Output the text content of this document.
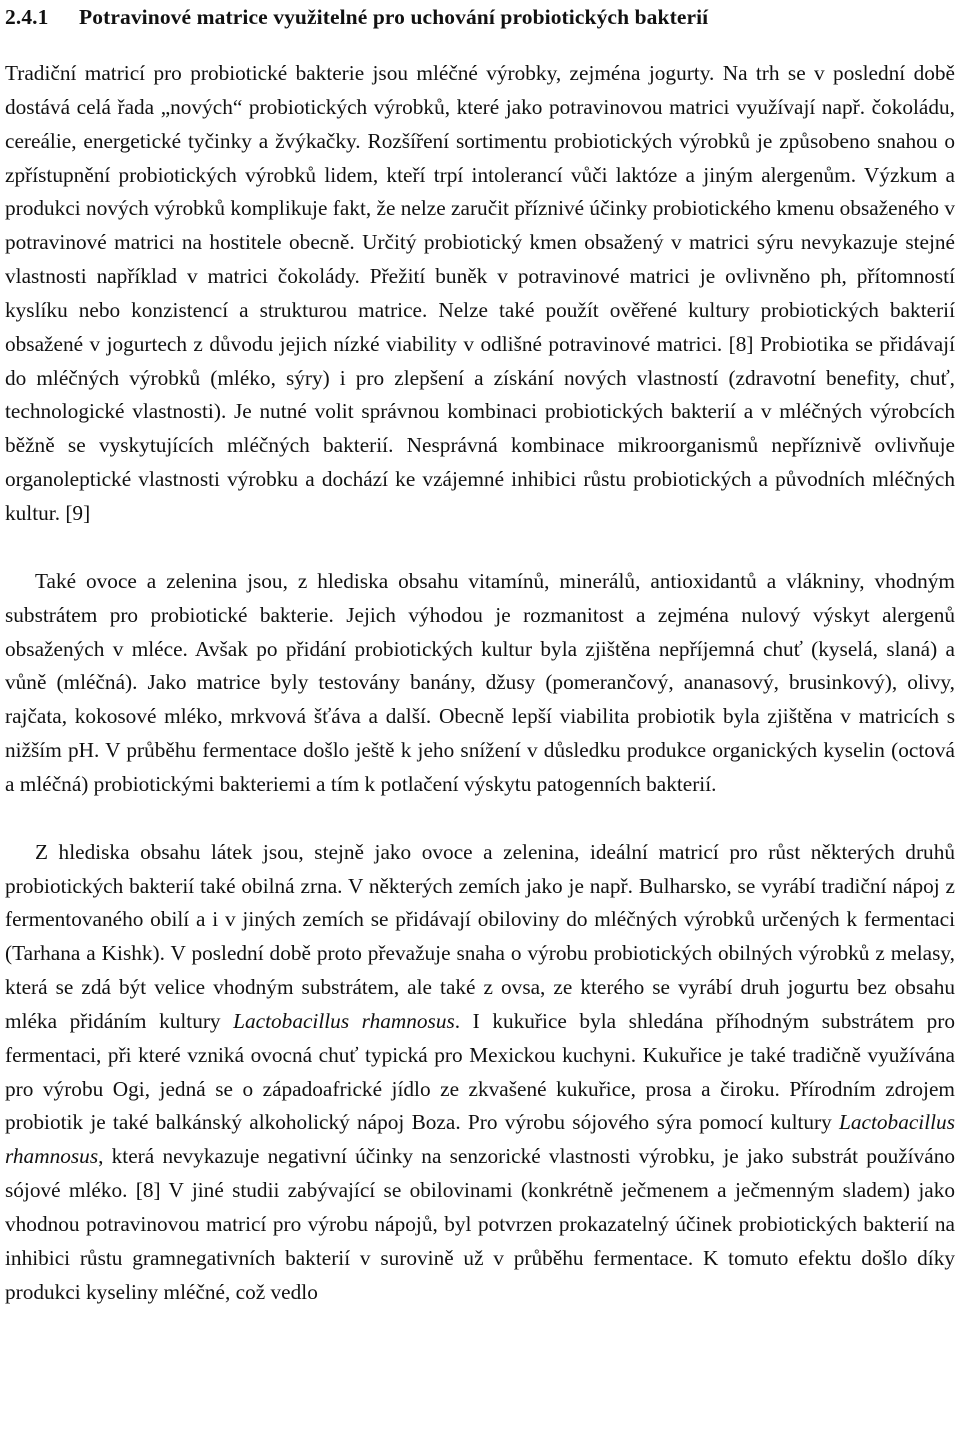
2.4.1 Potravinové matrice využitelné pro uchování probiotických bakterií

Tradiční matricí pro probiotické bakterie jsou mléčné výrobky, zejména jogurty. Na trh se v poslední době dostává celá řada „nových“ probiotických výrobků, které jako potravinovou matrici využívají např. čokoládu, cereálie, energetické tyčinky a žvýkačky. Rozšíření sortimentu probiotických výrobků je způsobeno snahou o zpřístupnění probiotických výrobků lidem, kteří trpí intolerancí vůči laktóze a jiným alergenům. Výzkum a produkci nových výrobků komplikuje fakt, že nelze zaručit příznivé účinky probiotického kmenu obsaženého v potravinové matrici na hostitele obecně. Určitý probiotický kmen obsažený v matrici sýru nevykazuje stejné vlastnosti například v matrici čokolády. Přežití buněk v potravinové matrici je ovlivněno ph, přítomností kyslíku nebo konzistencí a strukturou matrice. Nelze také použít ověřené kultury probiotických bakterií obsažené v jogurtech z důvodu jejich nízké viability v odlišné potravinové matrici. [8] Probiotika se přidávají do mléčných výrobků (mléko, sýry) i pro zlepšení a získání nových vlastností (zdravotní benefity, chuť, technologické vlastnosti). Je nutné volit správnou kombinaci probiotických bakterií a v mléčných výrobcích běžně se vyskytujících mléčných bakterií. Nesprávná kombinace mikroorganismů nepříznivě ovlivňuje organoleptické vlastnosti výrobku a dochází ke vzájemné inhibici růstu probiotických a původních mléčných kultur. [9]

Také ovoce a zelenina jsou, z hlediska obsahu vitamínů, minerálů, antioxidantů a vlákniny, vhodným substrátem pro probiotické bakterie. Jejich výhodou je rozmanitost a zejména nulový výskyt alergenů obsažených v mléce. Avšak po přidání probiotických kultur byla zjištěna nepříjemná chuť (kyselá, slaná) a vůně (mléčná). Jako matrice byly testovány banány, džusy (pomerančový, ananasový, brusinkový), olivy, rajčata, kokosové mléko, mrkvová šťáva a další. Obecně lepší viabilita probiotik byla zjištěna v matricích s nižším pH. V průběhu fermentace došlo ještě k jeho snížení v důsledku produkce organických kyselin (octová a mléčná) probiotickými bakteriemi a tím k potlačení výskytu patogenních bakterií.

Z hlediska obsahu látek jsou, stejně jako ovoce a zelenina, ideální matricí pro růst některých druhů probiotických bakterií také obilná zrna. V některých zemích jako je např. Bulharsko, se vyrábí tradiční nápoj z fermentovaného obilí a i v jiných zemích se přidávají obiloviny do mléčných výrobků určených k fermentaci (Tarhana a Kishk). V poslední době proto převažuje snaha o výrobu probiotických obilných výrobků z melasy, která se zdá být velice vhodným substrátem, ale také z ovsa, ze kterého se vyrábí druh jogurtu bez obsahu mléka přidáním kultury Lactobacillus rhamnosus. I kukuřice byla shledána příhodným substrátem pro fermentaci, při které vzniká ovocná chuť typická pro Mexickou kuchyni. Kukuřice je také tradičně využívána pro výrobu Ogi, jedná se o západoafrické jídlo ze zkvašené kukuřice, prosa a čiroku. Přírodním zdrojem probiotik je také balkánský alkoholický nápoj Boza. Pro výrobu sójového sýra pomocí kultury Lactobacillus rhamnosus, která nevykazuje negativní účinky na senzorické vlastnosti výrobku, je jako substrát používáno sójové mléko. [8] V jiné studii zabývající se obilovinami (konkrétně ječmenem a ječmenným sladem) jako vhodnou potravinovou matricí pro výrobu nápojů, byl potvrzen prokazatelný účinek probiotických bakterií na inhibici růstu gramnegativních bakterií v surovině už v průběhu fermentace. K tomuto efektu došlo díky produkci kyseliny mléčné, což vedlo
